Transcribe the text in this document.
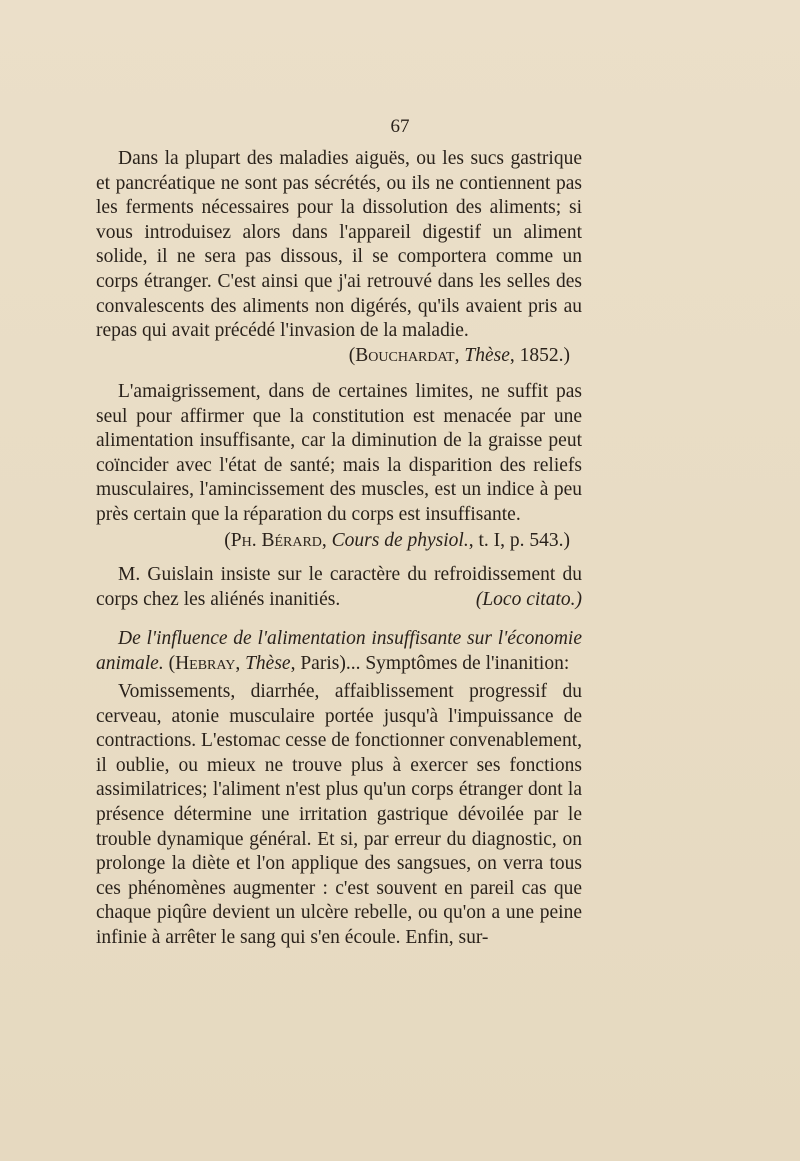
67

Dans la plupart des maladies aiguës, ou les sucs gastrique et pancréatique ne sont pas sécrétés, ou ils ne contiennent pas les ferments nécessaires pour la dissolution des aliments; si vous introduisez alors dans l'appareil digestif un aliment solide, il ne sera pas dissous, il se comportera comme un corps étranger. C'est ainsi que j'ai retrouvé dans les selles des convalescents des aliments non digérés, qu'ils avaient pris au repas qui avait précédé l'invasion de la maladie.

(Bouchardat, Thèse, 1852.)

L'amaigrissement, dans de certaines limites, ne suffit pas seul pour affirmer que la constitution est menacée par une alimentation insuffisante, car la diminution de la graisse peut coïncider avec l'état de santé; mais la disparition des reliefs musculaires, l'amincissement des muscles, est un indice à peu près certain que la réparation du corps est insuffisante.

(Ph. Bérard, Cours de physiol., t. I, p. 543.)

M. Guislain insiste sur le caractère du refroidissement du corps chez les aliénés inanitiés.	(Loco citato.)

De l'influence de l'alimentation insuffisante sur l'économie animale. (Hebray, Thèse, Paris)... Symptômes de l'inanition:

Vomissements, diarrhée, affaiblissement progressif du cerveau, atonie musculaire portée jusqu'à l'impuissance de contractions. L'estomac cesse de fonctionner convenablement, il oublie, ou mieux ne trouve plus à exercer ses fonctions assimilatrices; l'aliment n'est plus qu'un corps étranger dont la présence détermine une irritation gastrique dévoilée par le trouble dynamique général. Et si, par erreur du diagnostic, on prolonge la diète et l'on applique des sangsues, on verra tous ces phénomènes augmenter : c'est souvent en pareil cas que chaque piqûre devient un ulcère rebelle, ou qu'on a une peine infinie à arrêter le sang qui s'en écoule. Enfin, sur-
